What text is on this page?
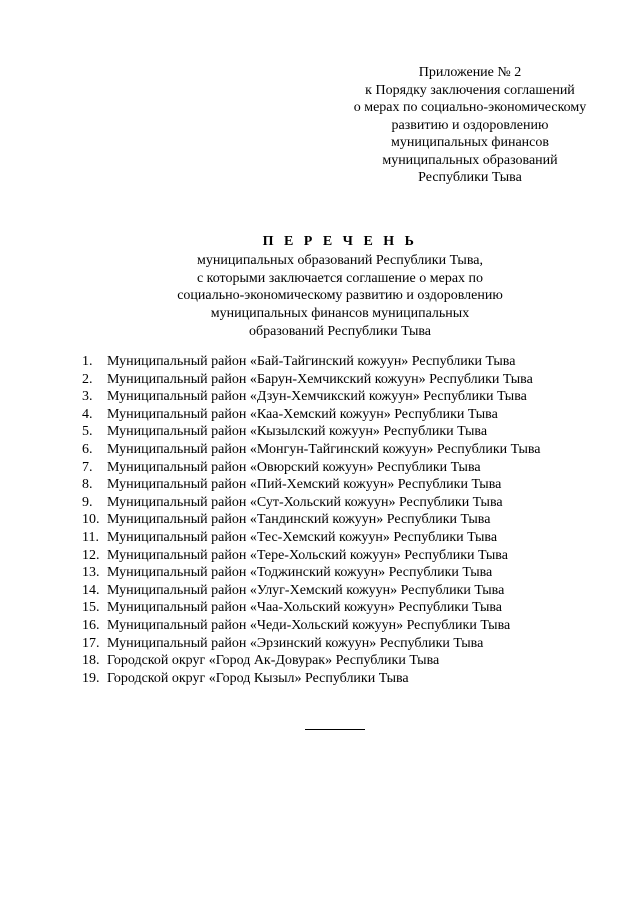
Приложение № 2
к Порядку заключения соглашений
о мерах по социально-экономическому
развитию и оздоровлению
муниципальных финансов
муниципальных образований
Республики Тыва
П Е Р Е Ч Е Н Ь
муниципальных образований Республики Тыва,
с которыми заключается соглашение о мерах по
социально-экономическому развитию и оздоровлению
муниципальных финансов муниципальных
образований Республики Тыва
1.	Муниципальный район «Бай-Тайгинский кожуун» Республики Тыва
2.	Муниципальный район «Барун-Хемчикский кожуун» Республики Тыва
3.	Муниципальный район «Дзун-Хемчикский кожуун» Республики Тыва
4.	Муниципальный район «Каа-Хемский кожуун» Республики Тыва
5.	Муниципальный район «Кызылский кожуун» Республики Тыва
6.	Муниципальный район «Монгун-Тайгинский кожуун» Республики Тыва
7.	Муниципальный район «Овюрский кожуун» Республики Тыва
8.	Муниципальный район «Пий-Хемский кожуун» Республики Тыва
9.	Муниципальный район «Сут-Хольский кожуун» Республики Тыва
10. Муниципальный район «Тандинский кожуун» Республики Тыва
11. Муниципальный район «Тес-Хемский кожуун» Республики Тыва
12. Муниципальный район «Тере-Хольский кожуун» Республики Тыва
13. Муниципальный район «Тоджинский кожуун» Республики Тыва
14. Муниципальный район «Улуг-Хемский кожуун» Республики Тыва
15. Муниципальный район «Чаа-Хольский кожуун» Республики Тыва
16. Муниципальный район «Чеди-Хольский кожуун» Республики Тыва
17. Муниципальный район «Эрзинский кожуун» Республики Тыва
18. Городской округ «Город Ак-Довурак» Республики Тыва
19. Городской округ «Город Кызыл» Республики Тыва
